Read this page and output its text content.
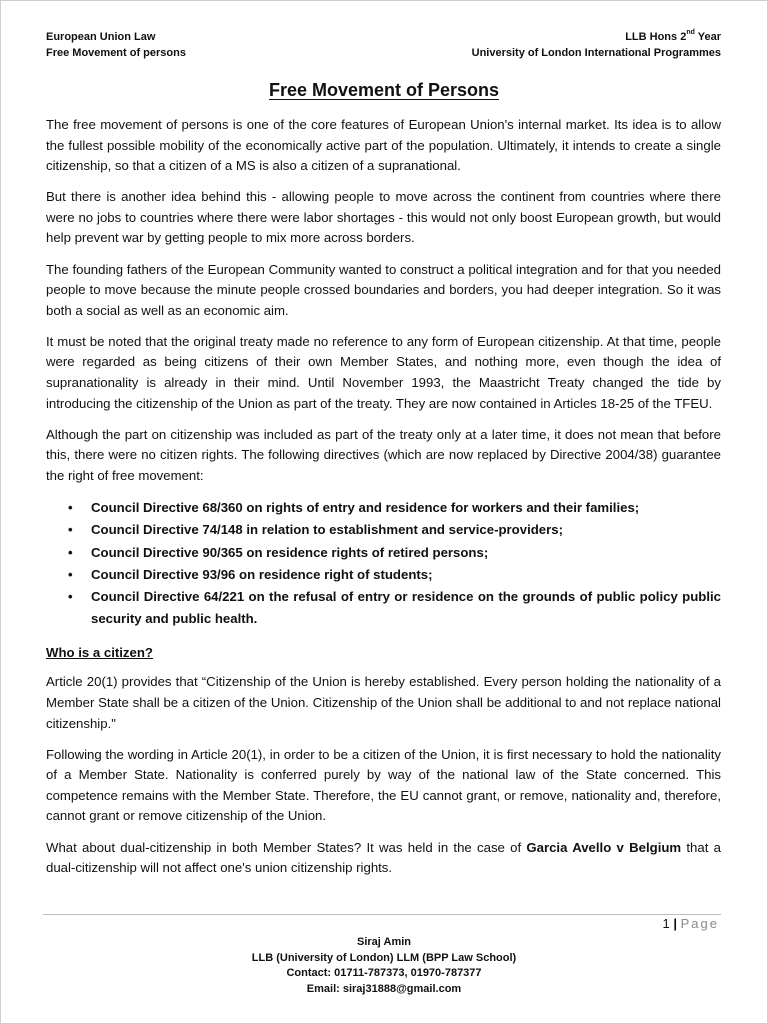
European Union Law
Free Movement of persons
LLB Hons 2nd Year
University of London International Programmes
Free Movement of Persons

The free movement of persons is one of the core features of European Union's internal market. Its idea is to allow the fullest possible mobility of the economically active part of the population. Ultimately, it intends to create a single citizenship, so that a citizen of a MS is also a citizen of a supranational.

But there is another idea behind this - allowing people to move across the continent from countries where there were no jobs to countries where there were labor shortages - this would not only boost European growth, but would help prevent war by getting people to mix more across borders.

The founding fathers of the European Community wanted to construct a political integration and for that you needed people to move because the minute people crossed boundaries and borders, you had deeper integration. So it was both a social as well as an economic aim.

It must be noted that the original treaty made no reference to any form of European citizenship. At that time, people were regarded as being citizens of their own Member States, and nothing more, even though the idea of supranationality is already in their mind. Until November 1993, the Maastricht Treaty changed the tide by introducing the citizenship of the Union as part of the treaty. They are now contained in Articles 18-25 of the TFEU.

Although the part on citizenship was included as part of the treaty only at a later time, it does not mean that before this, there were no citizen rights. The following directives (which are now replaced by Directive 2004/38) guarantee the right of free movement:

• Council Directive 68/360 on rights of entry and residence for workers and their families;
• Council Directive 74/148 in relation to establishment and service-providers;
• Council Directive 90/365 on residence rights of retired persons;
• Council Directive 93/96 on residence right of students;
• Council Directive 64/221 on the refusal of entry or residence on the grounds of public policy public security and public health.
Who is a citizen?

Article 20(1) provides that “Citizenship of the Union is hereby established. Every person holding the nationality of a Member State shall be a citizen of the Union. Citizenship of the Union shall be additional to and not replace national citizenship."

Following the wording in Article 20(1), in order to be a citizen of the Union, it is first necessary to hold the nationality of a Member State. Nationality is conferred purely by way of the national law of the State concerned. This competence remains with the Member State. Therefore, the EU cannot grant, or remove, nationality and, therefore, cannot grant or remove citizenship of the Union.

What about dual-citizenship in both Member States? It was held in the case of Garcia Avello v Belgium that a dual-citizenship will not affect one's union citizenship rights.

1 | Page
Siraj Amin
LLB (University of London) LLM (BPP Law School)
Contact: 01711-787373, 01970-787377
Email: siraj31888@gmail.com
